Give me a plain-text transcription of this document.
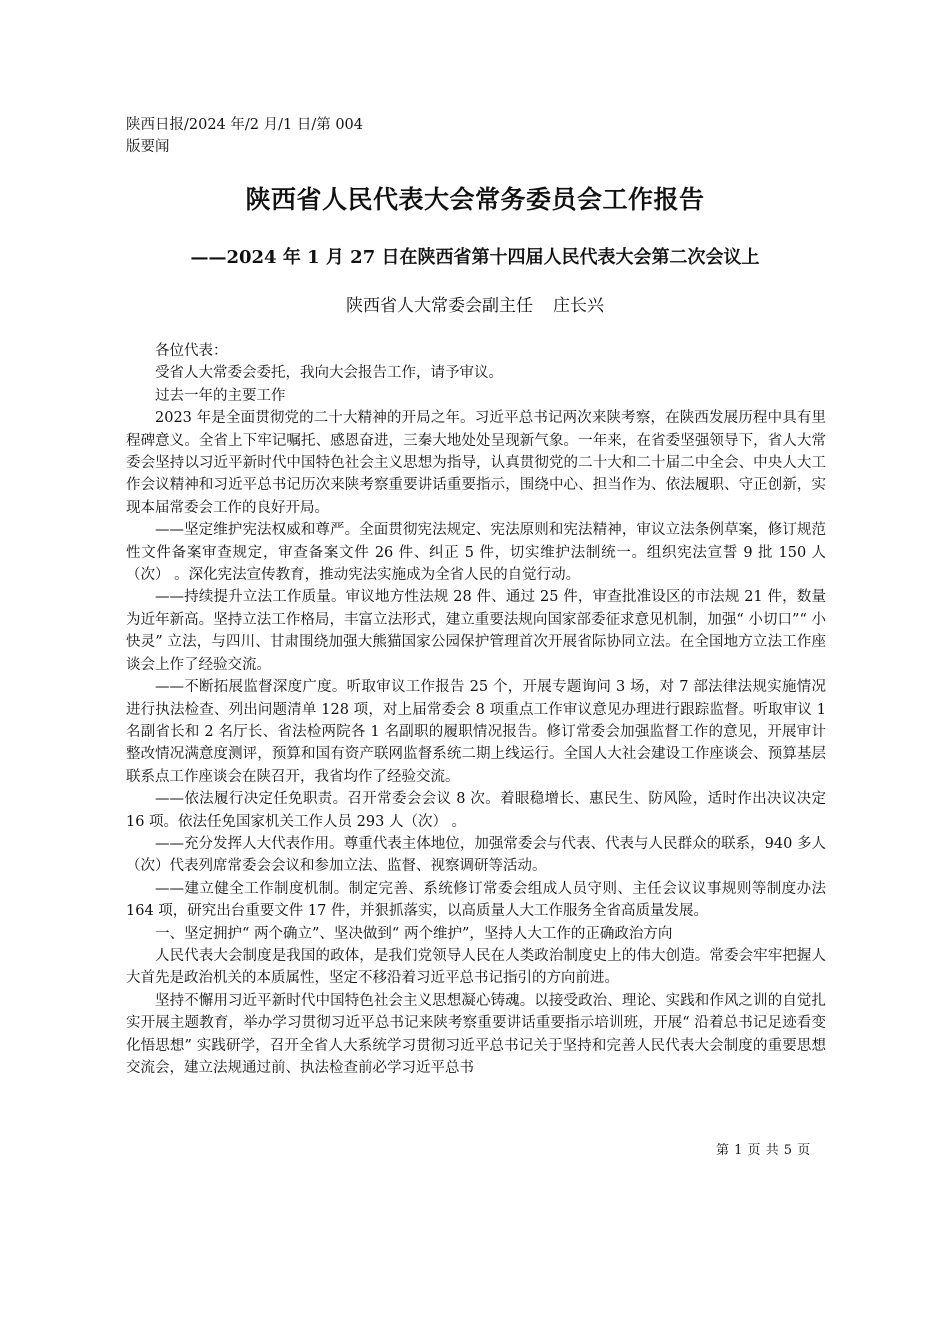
陕西日报/2024 年/2 月/1 日/第 004
版要闻
陕西省人民代表大会常务委员会工作报告
——2024 年 1 月 27 日在陕西省第十四届人民代表大会第二次会议上
陕西省人大常委会副主任 庄长兴

各位代表：

受省人大常委会委托，我向大会报告工作，请予审议。

过去一年的主要工作

2023 年是全面贯彻党的二十大精神的开局之年。习近平总书记两次来陕考察，在陕西发展历程中具有里程碑意义。全省上下牢记嘱托、感恩奋进，三秦大地处处呈现新气象。一年来，在省委坚强领导下，省人大常委会坚持以习近平新时代中国特色社会主义思想为指导，认真贯彻党的二十大和二十届二中全会、中央人大工作会议精神和习近平总书记历次来陕考察重要讲话重要指示，围绕中心、担当作为、依法履职、守正创新，实现本届常委会工作的良好开局。

——坚定维护宪法权威和尊严。全面贯彻宪法规定、宪法原则和宪法精神，审议立法条例草案，修订规范性文件备案审查规定，审查备案文件 26 件、纠正 5 件，切实维护法制统一。组织宪法宣誓 9 批 150 人（次） 。深化宪法宣传教育，推动宪法实施成为全省人民的自觉行动。

——持续提升立法工作质量。审议地方性法规 28 件、通过 25 件，审查批准设区的市法规 21 件，数量为近年新高。坚持立法工作格局，丰富立法形式，建立重要法规向国家部委征求意见机制，加强“ 小切口”“ 小快灵” 立法，与四川、甘肃围绕加强大熊猫国家公园保护管理首次开展省际协同立法。在全国地方立法工作座谈会上作了经验交流。

——不断拓展监督深度广度。听取审议工作报告 25 个，开展专题询问 3 场，对 7 部法律法规实施情况进行执法检查、列出问题清单 128 项，对上届常委会 8 项重点工作审议意见办理进行跟踪监督。听取审议 1 名副省长和 2 名厅长、省法检两院各 1 名副职的履职情况报告。修订常委会加强监督工作的意见，开展审计整改情况满意度测评，预算和国有资产联网监督系统二期上线运行。全国人大社会建设工作座谈会、预算基层联系点工作座谈会在陕召开，我省均作了经验交流。

——依法履行决定任免职责。召开常委会会议 8 次。着眼稳增长、惠民生、防风险，适时作出决议决定 16 项。依法任免国家机关工作人员 293 人（次） 。

——充分发挥人大代表作用。尊重代表主体地位，加强常委会与代表、代表与人民群众的联系，940 多人（次）代表列席常委会会议和参加立法、监督、视察调研等活动。

——建立健全工作制度机制。制定完善、系统修订常委会组成人员守则、主任会议议事规则等制度办法 164 项，研究出台重要文件 17 件，并狠抓落实，以高质量人大工作服务全省高质量发展。

一、坚定拥护“ 两个确立”、坚决做到“ 两个维护”，坚持人大工作的正确政治方向

人民代表大会制度是我国的政体，是我们党领导人民在人类政治制度史上的伟大创造。常委会牢牢把握人大首先是政治机关的本质属性，坚定不移沿着习近平总书记指引的方向前进。

坚持不懈用习近平新时代中国特色社会主义思想凝心铸魂。以接受政治、理论、实践和作风之训的自觉扎实开展主题教育，举办学习贯彻习近平总书记来陕考察重要讲话重要指示培训班，开展“ 沿着总书记足迹看变化悟思想” 实践研学，召开全省人大系统学习贯彻习近平总书记关于坚持和完善人民代表大会制度的重要思想交流会，建立法规通过前、执法检查前必学习近平总书

第 1 页 共 5 页
